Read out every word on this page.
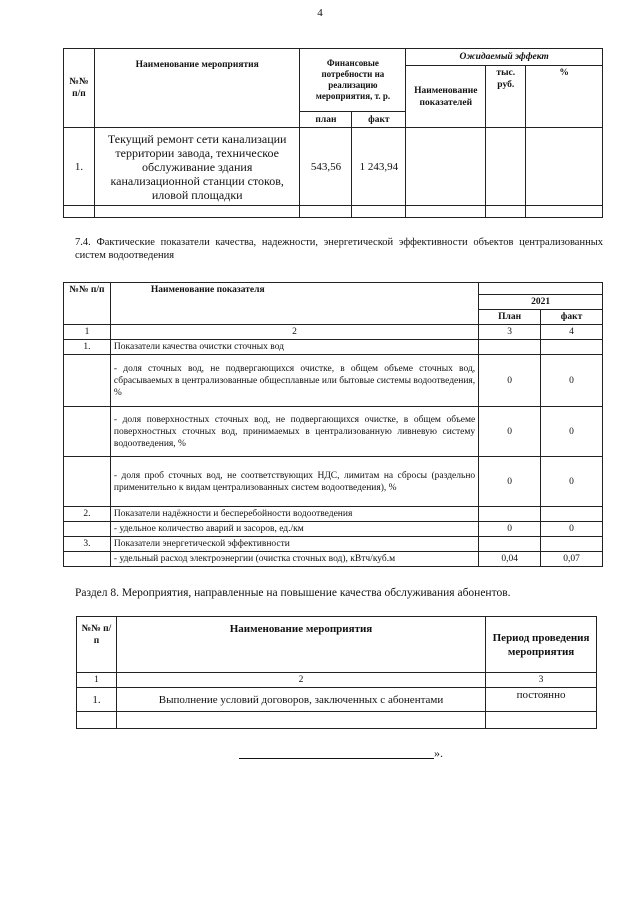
4
№№ п/п	Наименование мероприятия	Финансовые потребности на реализацию мероприятия, т. р.		Ожидаемый эффект		
				Наименование показателей	тыс. руб.	%
		план	факт			
1.	Текущий ремонт сети канализации территории завода, техническое обслуживание здания канализационной станции стоков, иловой площадки	543,56	1 243,94			

7.4. Фактические показатели качества, надежности, энергетической эффективности объектов централизованных систем водоотведения
№№ п/п	Наименование показателя		
		2021	
		План	факт
1	2	3	4
1.	Показатели качества очистки сточных вод		
	- доля сточных вод, не подвергающихся очистке, в общем объеме сточных вод, сбрасываемых в централизованные общесплавные или бытовые системы водоотведения, %	0	0
	- доля поверхностных сточных вод, не подвергающихся очистке, в общем объеме поверхностных сточных вод, принимаемых в централизованную ливневую систему водоотведения, %	0	0
	- доля проб сточных вод, не соответствующих НДС, лимитам на сбросы (раздельно применительно к видам централизованных систем водоотведения), %	0	0
2.	Показатели надёжности и бесперебойности водоотведения		
	- удельное количество аварий и засоров, ед./км	0	0
3.	Показатели энергетической эффективности		
	- удельный расход электроэнергии (очистка сточных вод), кВтч/куб.м	0,04	0,07
Раздел 8. Мероприятия, направленные на повышение качества обслуживания абонентов.
№№ п/п	Наименование мероприятия	Период проведения мероприятия
1	2	3
1.	Выполнение условий договоров, заключенных с абонентами	постоянно

».
